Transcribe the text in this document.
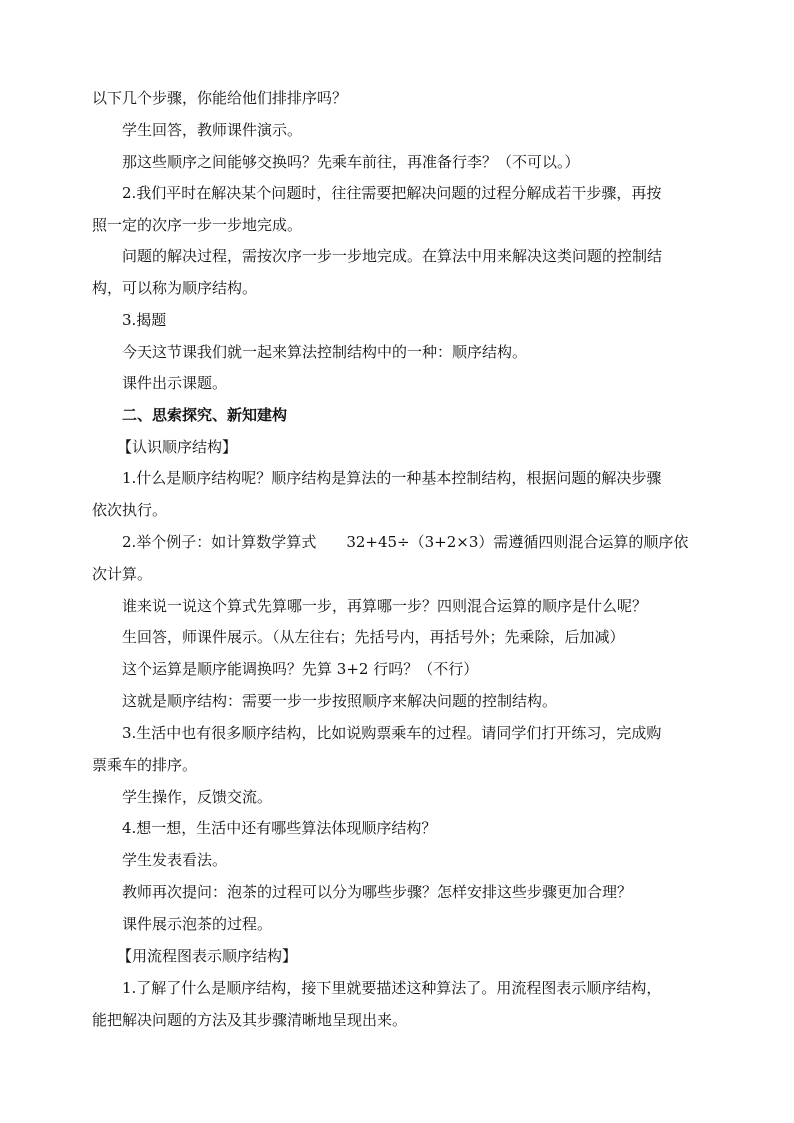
以下几个步骤，你能给他们排排序吗？
学生回答，教师课件演示。
那这些顺序之间能够交换吗？先乘车前往，再准备行李？（不可以。）
2.我们平时在解决某个问题时，往往需要把解决问题的过程分解成若干步骤，再按
照一定的次序一步一步地完成。
问题的解决过程，需按次序一步一步地完成。在算法中用来解决这类问题的控制结
构，可以称为顺序结构。
3.揭题
今天这节课我们就一起来算法控制结构中的一种：顺序结构。
课件出示课题。
二、思索探究、新知建构
【认识顺序结构】
1.什么是顺序结构呢？顺序结构是算法的一种基本控制结构，根据问题的解决步骤
依次执行。
2.举个例子：如计算数学算式　　32+45÷（3+2×3）需遵循四则混合运算的顺序依
次计算。
谁来说一说这个算式先算哪一步，再算哪一步？四则混合运算的顺序是什么呢？
生回答，师课件展示。（从左往右；先括号内，再括号外；先乘除，后加减）
这个运算是顺序能调换吗？先算 3+2 行吗？（不行）
这就是顺序结构：需要一步一步按照顺序来解决问题的控制结构。
3.生活中也有很多顺序结构，比如说购票乘车的过程。请同学们打开练习，完成购
票乘车的排序。
学生操作，反馈交流。
4.想一想，生活中还有哪些算法体现顺序结构？
学生发表看法。
教师再次提问：泡茶的过程可以分为哪些步骤？怎样安排这些步骤更加合理？
课件展示泡茶的过程。
【用流程图表示顺序结构】
1.了解了什么是顺序结构，接下里就要描述这种算法了。用流程图表示顺序结构，
能把解决问题的方法及其步骤清晰地呈现出来。
